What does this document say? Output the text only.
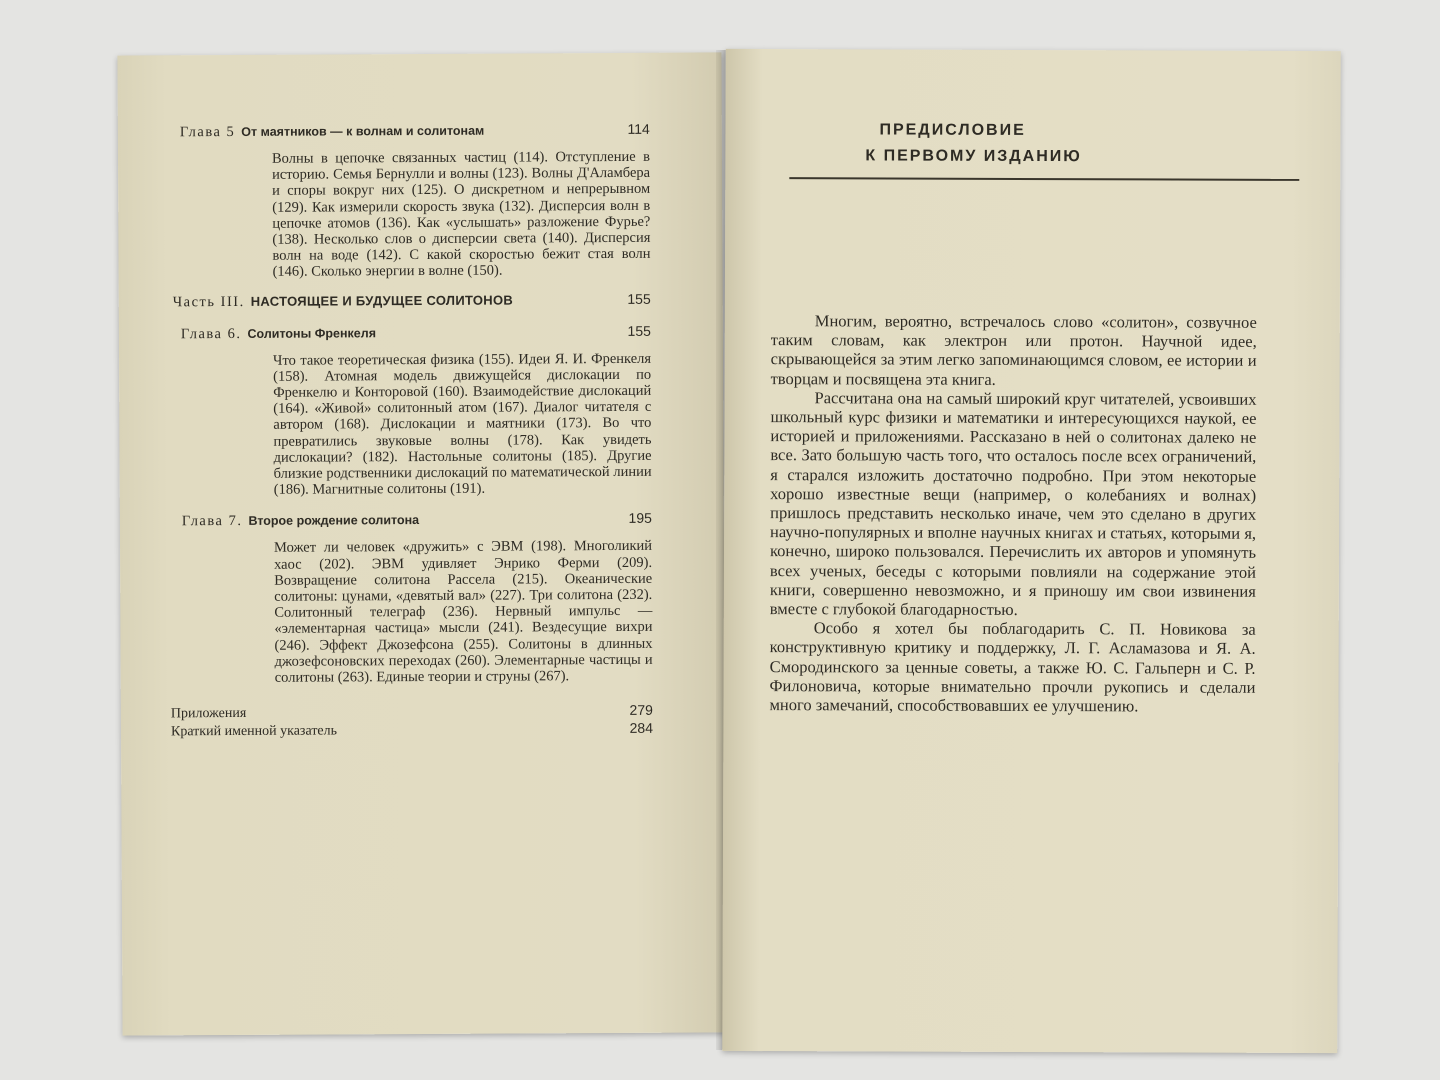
Глава 5 От маятников — к волнам и солитонам	114
Волны в цепочке связанных частиц (114). Отступление в историю. Семья Бернулли и волны (123). Волны Д'Аламбера и споры вокруг них (125). О дискретном и непрерывном (129). Как измерили скорость звука (132). Дисперсия волн в цепочке атомов (136). Как «услышать» разложение Фурье? (138). Несколько слов о дисперсии света (140). Дисперсия волн на воде (142). С какой скоростью бежит стая волн (146). Сколько энергии в волне (150).
Часть III. НАСТОЯЩЕЕ И БУДУЩЕЕ СОЛИТОНОВ	155
Глава 6. Солитоны Френкеля	155
Что такое теоретическая физика (155). Идеи Я. И. Френкеля (158). Атомная модель движущейся дислокации по Френкелю и Конторовой (160). Взаимодействие дислокаций (164). «Живой» солитонный атом (167). Диалог читателя с автором (168). Дислокации и маятники (173). Во что превратились звуковые волны (178). Как увидеть дислокации? (182). Настольные солитоны (185). Другие близкие родственники дислокаций по математической линии (186). Магнитные солитоны (191).
Глава 7. Второе рождение солитона	195
Может ли человек «дружить» с ЭВМ (198). Многоликий хаос (202). ЭВМ удивляет Энрико Ферми (209). Возвращение солитона Рассела (215). Океанические солитоны: цунами, «девятый вал» (227). Три солитона (232). Солитонный телеграф (236). Нервный импульс — «элементарная частица» мысли (241). Вездесущие вихри (246). Эффект Джозефсона (255). Солитоны в длинных джозефсоновских переходах (260). Элементарные частицы и солитоны (263). Единые теории и струны (267).
Приложения	279
Краткий именной указатель	284
ПРЕДИСЛОВИЕ
К ПЕРВОМУ ИЗДАНИЮ

Многим, вероятно, встречалось слово «солитон», созвучное таким словам, как электрон или протон. Научной идее, скрывающейся за этим легко запоминающимся словом, ее истории и творцам и посвящена эта книга.

Рассчитана она на самый широкий круг читателей, усвоивших школьный курс физики и математики и интересующихся наукой, ее историей и приложениями. Рассказано в ней о солитонах далеко не все. Зато большую часть того, что осталось после всех ограничений, я старался изложить достаточно подробно. При этом некоторые хорошо известные вещи (например, о колебаниях и волнах) пришлось представить несколько иначе, чем это сделано в других научно-популярных и вполне научных книгах и статьях, которыми я, конечно, широко пользовался. Перечислить их авторов и упомянуть всех ученых, беседы с которыми повлияли на содержание этой книги, совершенно невозможно, и я приношу им свои извинения вместе с глубокой благодарностью.

Особо я хотел бы поблагодарить С. П. Новикова за конструктивную критику и поддержку, Л. Г. Асламазова и Я. А. Смородинского за ценные советы, а также Ю. С. Гальперн и С. Р. Филоновича, которые внимательно прочли рукопись и сделали много замечаний, способствовавших ее улучшению.
